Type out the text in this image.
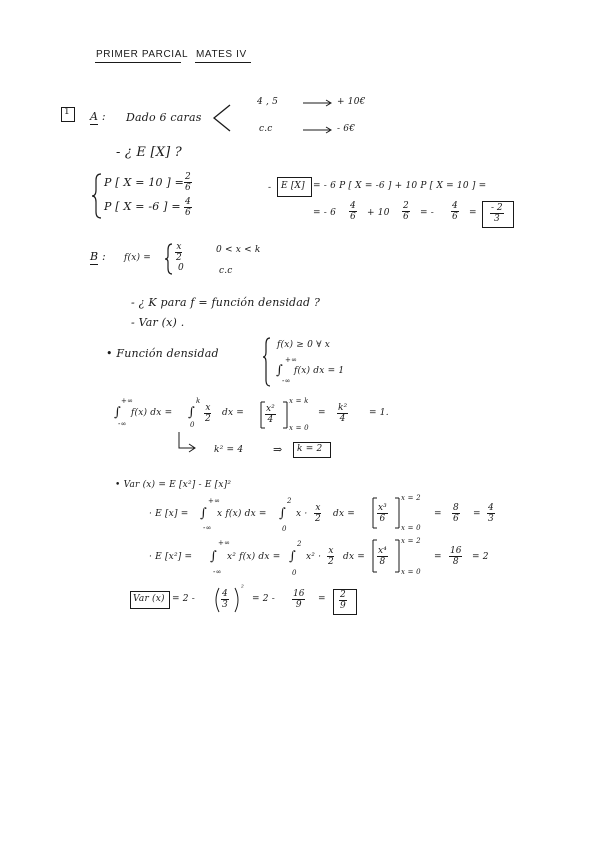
PRIMER PARCIAL MATES IV
1 A : Dado 6 caras
4 , 5	+ 10€
c.c	- 6€
- ¿ E [X] ?
P [ X = 10 ] = $\frac{2}{6}$
P [ X = -6 ] = $\frac{4}{6}$
- E [X] = - 6 P [ X = -6 ] + 10 P [ X = 10 ] =
= - $6 \frac{4}{6} + 10 \frac{2}{6}$ = - $\frac{4}{6} = \frac{- 2}{3}$
B : f(x) =	$\frac{x}{2}$	0 < x < k
0	c.c
- ¿ K para f = función densidad ?
- Var (x) .
• Función densidad
f(x) ≥ 0 ∀ x
∫
+∞
-∞
f(x) dx = 1
∫
+∞
-∞
f(x) dx = ∫
k
0
$\frac{x}{2}$ dx = $\frac{\text{x²}}{4}$
x = k
x = 0
= $\frac{\text{k²}}{4} = 1$.
k² = 4	⇒ k = 2
• Var (x) = E [x²] - E [x]²
· E [x] = ∫
+∞
-∞
x f(x) dx = ∫
2
0
$x \cdot \frac{x}{2}$ dx = $\frac{\text{x³}}{6}$
x = 2
x = 0
= $\frac{8}{6} = \frac{4}{3}$
· E [x²] = ∫
+∞
-∞
x² f(x) dx = ∫
2
0
$x^2 \cdot \frac{x}{2}$ dx = $\frac{\text{x⁴}}{8}$
x = 2
x = 0
= $\frac{16}{8} = 2$
Var (x) = 2 -	$\frac{4}{3}$
²
= $2 - \frac{16}{9} = \frac{2}{9}$
